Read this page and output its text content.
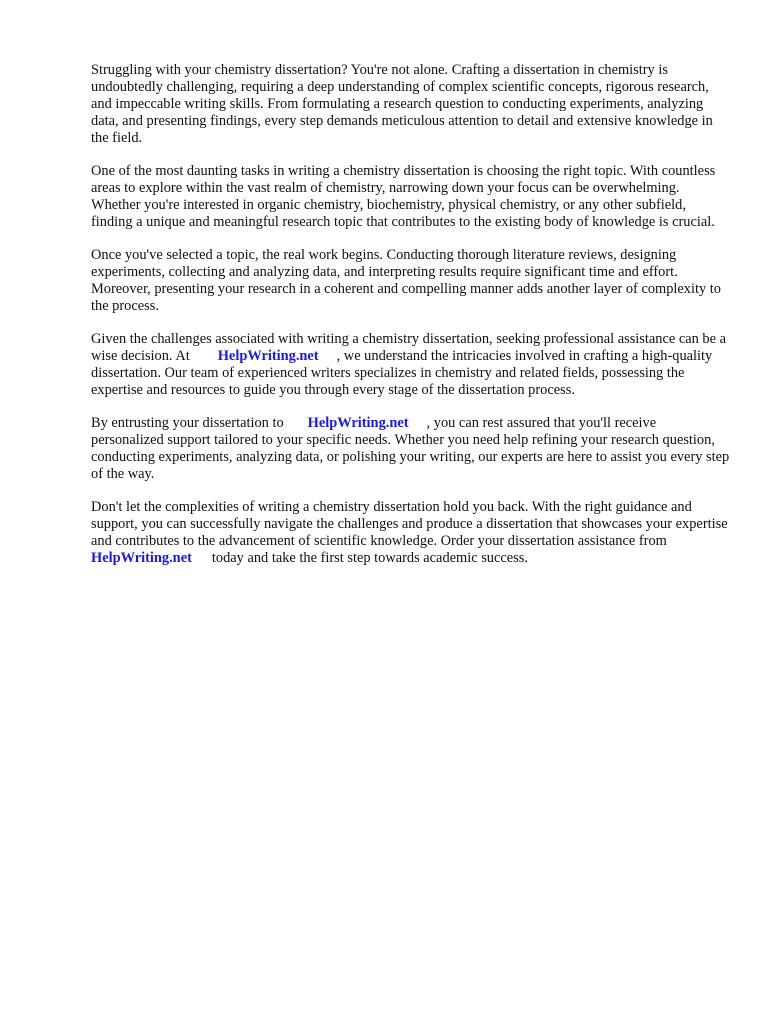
Struggling with your chemistry dissertation? You're not alone. Crafting a dissertation in chemistry is undoubtedly challenging, requiring a deep understanding of complex scientific concepts, rigorous research, and impeccable writing skills. From formulating a research question to conducting experiments, analyzing data, and presenting findings, every step demands meticulous attention to detail and extensive knowledge in the field.

One of the most daunting tasks in writing a chemistry dissertation is choosing the right topic. With countless areas to explore within the vast realm of chemistry, narrowing down your focus can be overwhelming. Whether you're interested in organic chemistry, biochemistry, physical chemistry, or any other subfield, finding a unique and meaningful research topic that contributes to the existing body of knowledge is crucial.

Once you've selected a topic, the real work begins. Conducting thorough literature reviews, designing experiments, collecting and analyzing data, and interpreting results require significant time and effort. Moreover, presenting your research in a coherent and compelling manner adds another layer of complexity to the process.

Given the challenges associated with writing a chemistry dissertation, seeking professional assistance can be a wise decision. At HelpWriting.net , we understand the intricacies involved in crafting a high-quality dissertation. Our team of experienced writers specializes in chemistry and related fields, possessing the expertise and resources to guide you through every stage of the dissertation process.

By entrusting your dissertation to HelpWriting.net , you can rest assured that you'll receive personalized support tailored to your specific needs. Whether you need help refining your research question, conducting experiments, analyzing data, or polishing your writing, our experts are here to assist you every step of the way.

Don't let the complexities of writing a chemistry dissertation hold you back. With the right guidance and support, you can successfully navigate the challenges and produce a dissertation that showcases your expertise and contributes to the advancement of scientific knowledge. Order your dissertation assistance fromHelpWriting.net today and take the first step towards academic success.
